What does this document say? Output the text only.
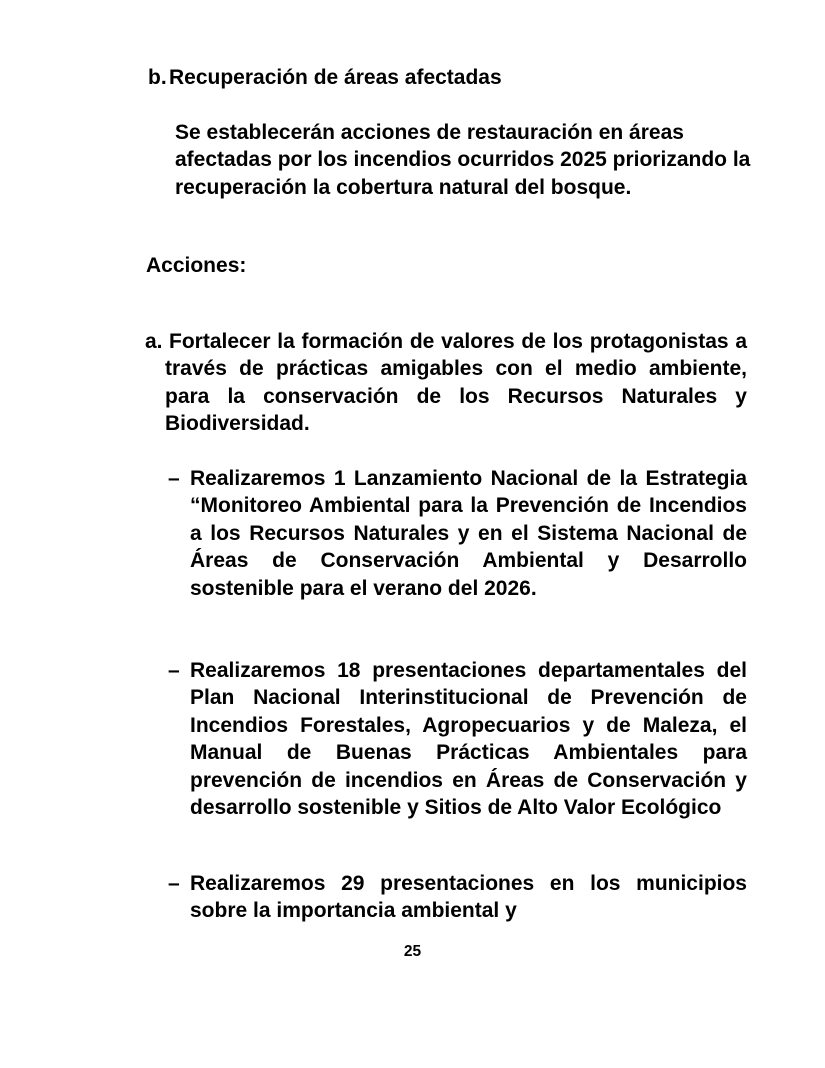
b. Recuperación de áreas afectadas
Se establecerán acciones de restauración en áreas afectadas por los incendios ocurridos 2025 priorizando la recuperación la cobertura natural del bosque.
Acciones:
a. Fortalecer la formación de valores de los protagonistas a través de prácticas amigables con el medio ambiente, para la conservación de los Recursos Naturales y Biodiversidad.
– Realizaremos 1 Lanzamiento Nacional de la Estrategia “Monitoreo Ambiental para la Prevención de Incendios a los Recursos Naturales y en el Sistema Nacional de Áreas de Conservación Ambiental y Desarrollo sostenible para el verano del 2026.
– Realizaremos 18 presentaciones departamentales del Plan Nacional Interinstitucional de Prevención de Incendios Forestales, Agropecuarios y de Maleza, el Manual de Buenas Prácticas Ambientales para prevención de incendios en Áreas de Conservación y desarrollo sostenible y Sitios de Alto Valor Ecológico
– Realizaremos 29 presentaciones en los municipios sobre la importancia ambiental y
25
